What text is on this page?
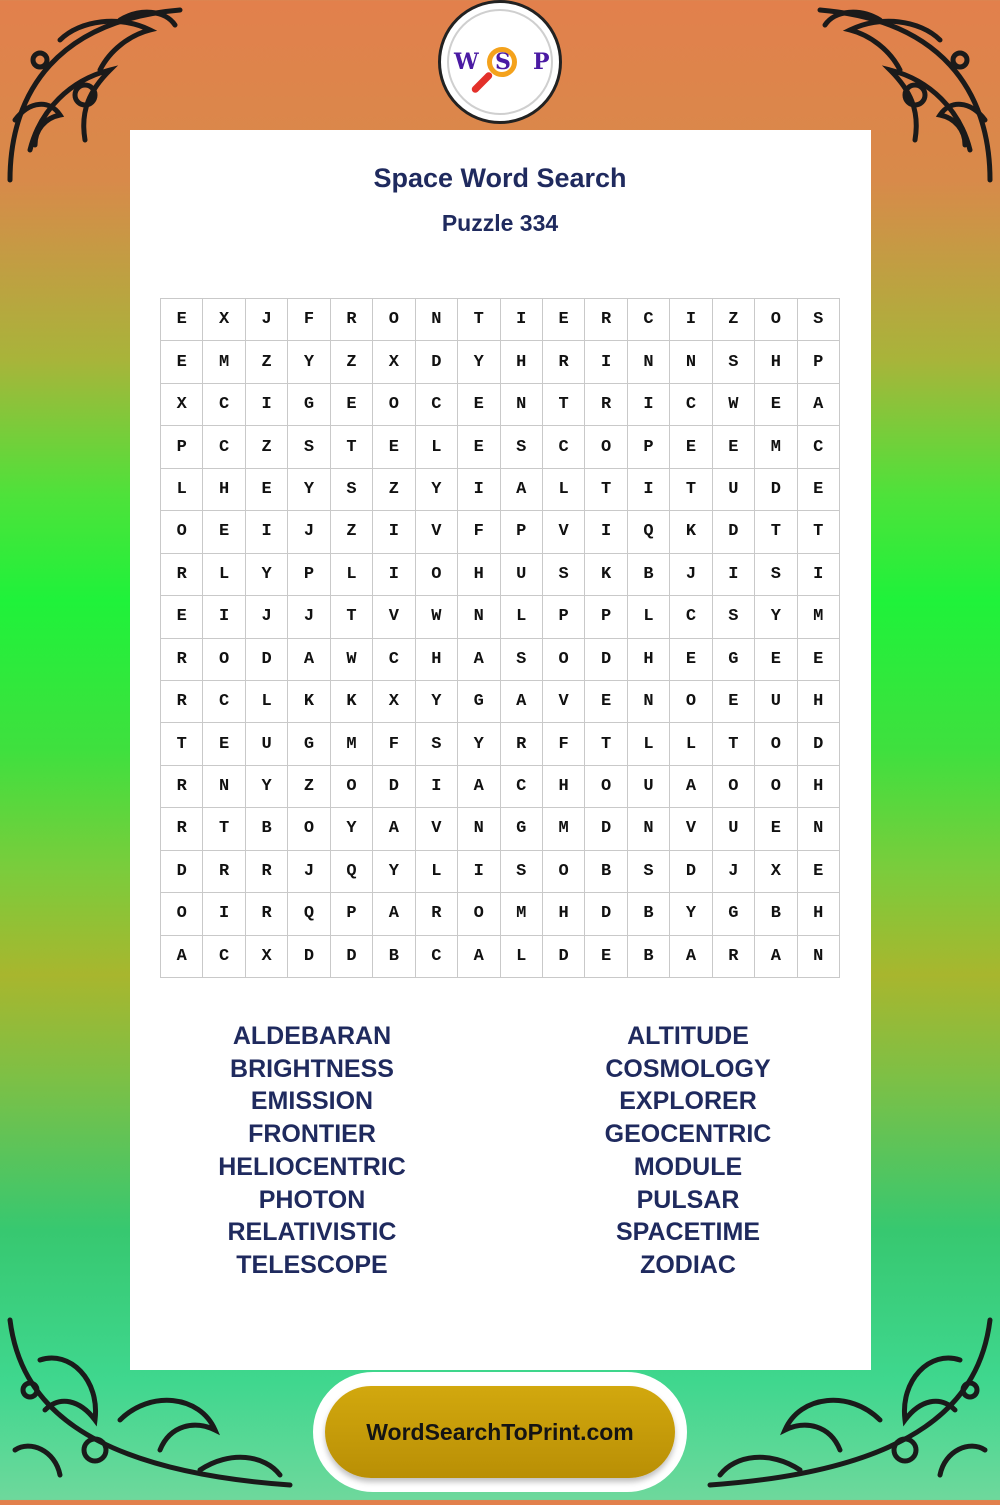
W S P
Space Word Search
Puzzle 334
E	X	J	F	R	O	N	T	I	E	R	C	I	Z	O	S
E	M	Z	Y	Z	X	D	Y	H	R	I	N	N	S	H	P
X	C	I	G	E	O	C	E	N	T	R	I	C	W	E	A
P	C	Z	S	T	E	L	E	S	C	O	P	E	E	M	C
L	H	E	Y	S	Z	Y	I	A	L	T	I	T	U	D	E
O	E	I	J	Z	I	V	F	P	V	I	Q	K	D	T	T
R	L	Y	P	L	I	O	H	U	S	K	B	J	I	S	I
E	I	J	J	T	V	W	N	L	P	P	L	C	S	Y	M
R	O	D	A	W	C	H	A	S	O	D	H	E	G	E	E
R	C	L	K	K	X	Y	G	A	V	E	N	O	E	U	H
T	E	U	G	M	F	S	Y	R	F	T	L	L	T	O	D
R	N	Y	Z	O	D	I	A	C	H	O	U	A	O	O	H
R	T	B	O	Y	A	V	N	G	M	D	N	V	U	E	N
D	R	R	J	Q	Y	L	I	S	O	B	S	D	J	X	E
O	I	R	Q	P	A	R	O	M	H	D	B	Y	G	B	H
A	C	X	D	D	B	C	A	L	D	E	B	A	R	A	N
ALDEBARAN
BRIGHTNESS
EMISSION
FRONTIER
HELIOCENTRIC
PHOTON
RELATIVISTIC
TELESCOPE
ALTITUDE
COSMOLOGY
EXPLORER
GEOCENTRIC
MODULE
PULSAR
SPACETIME
ZODIAC
WordSearchToPrint.com
